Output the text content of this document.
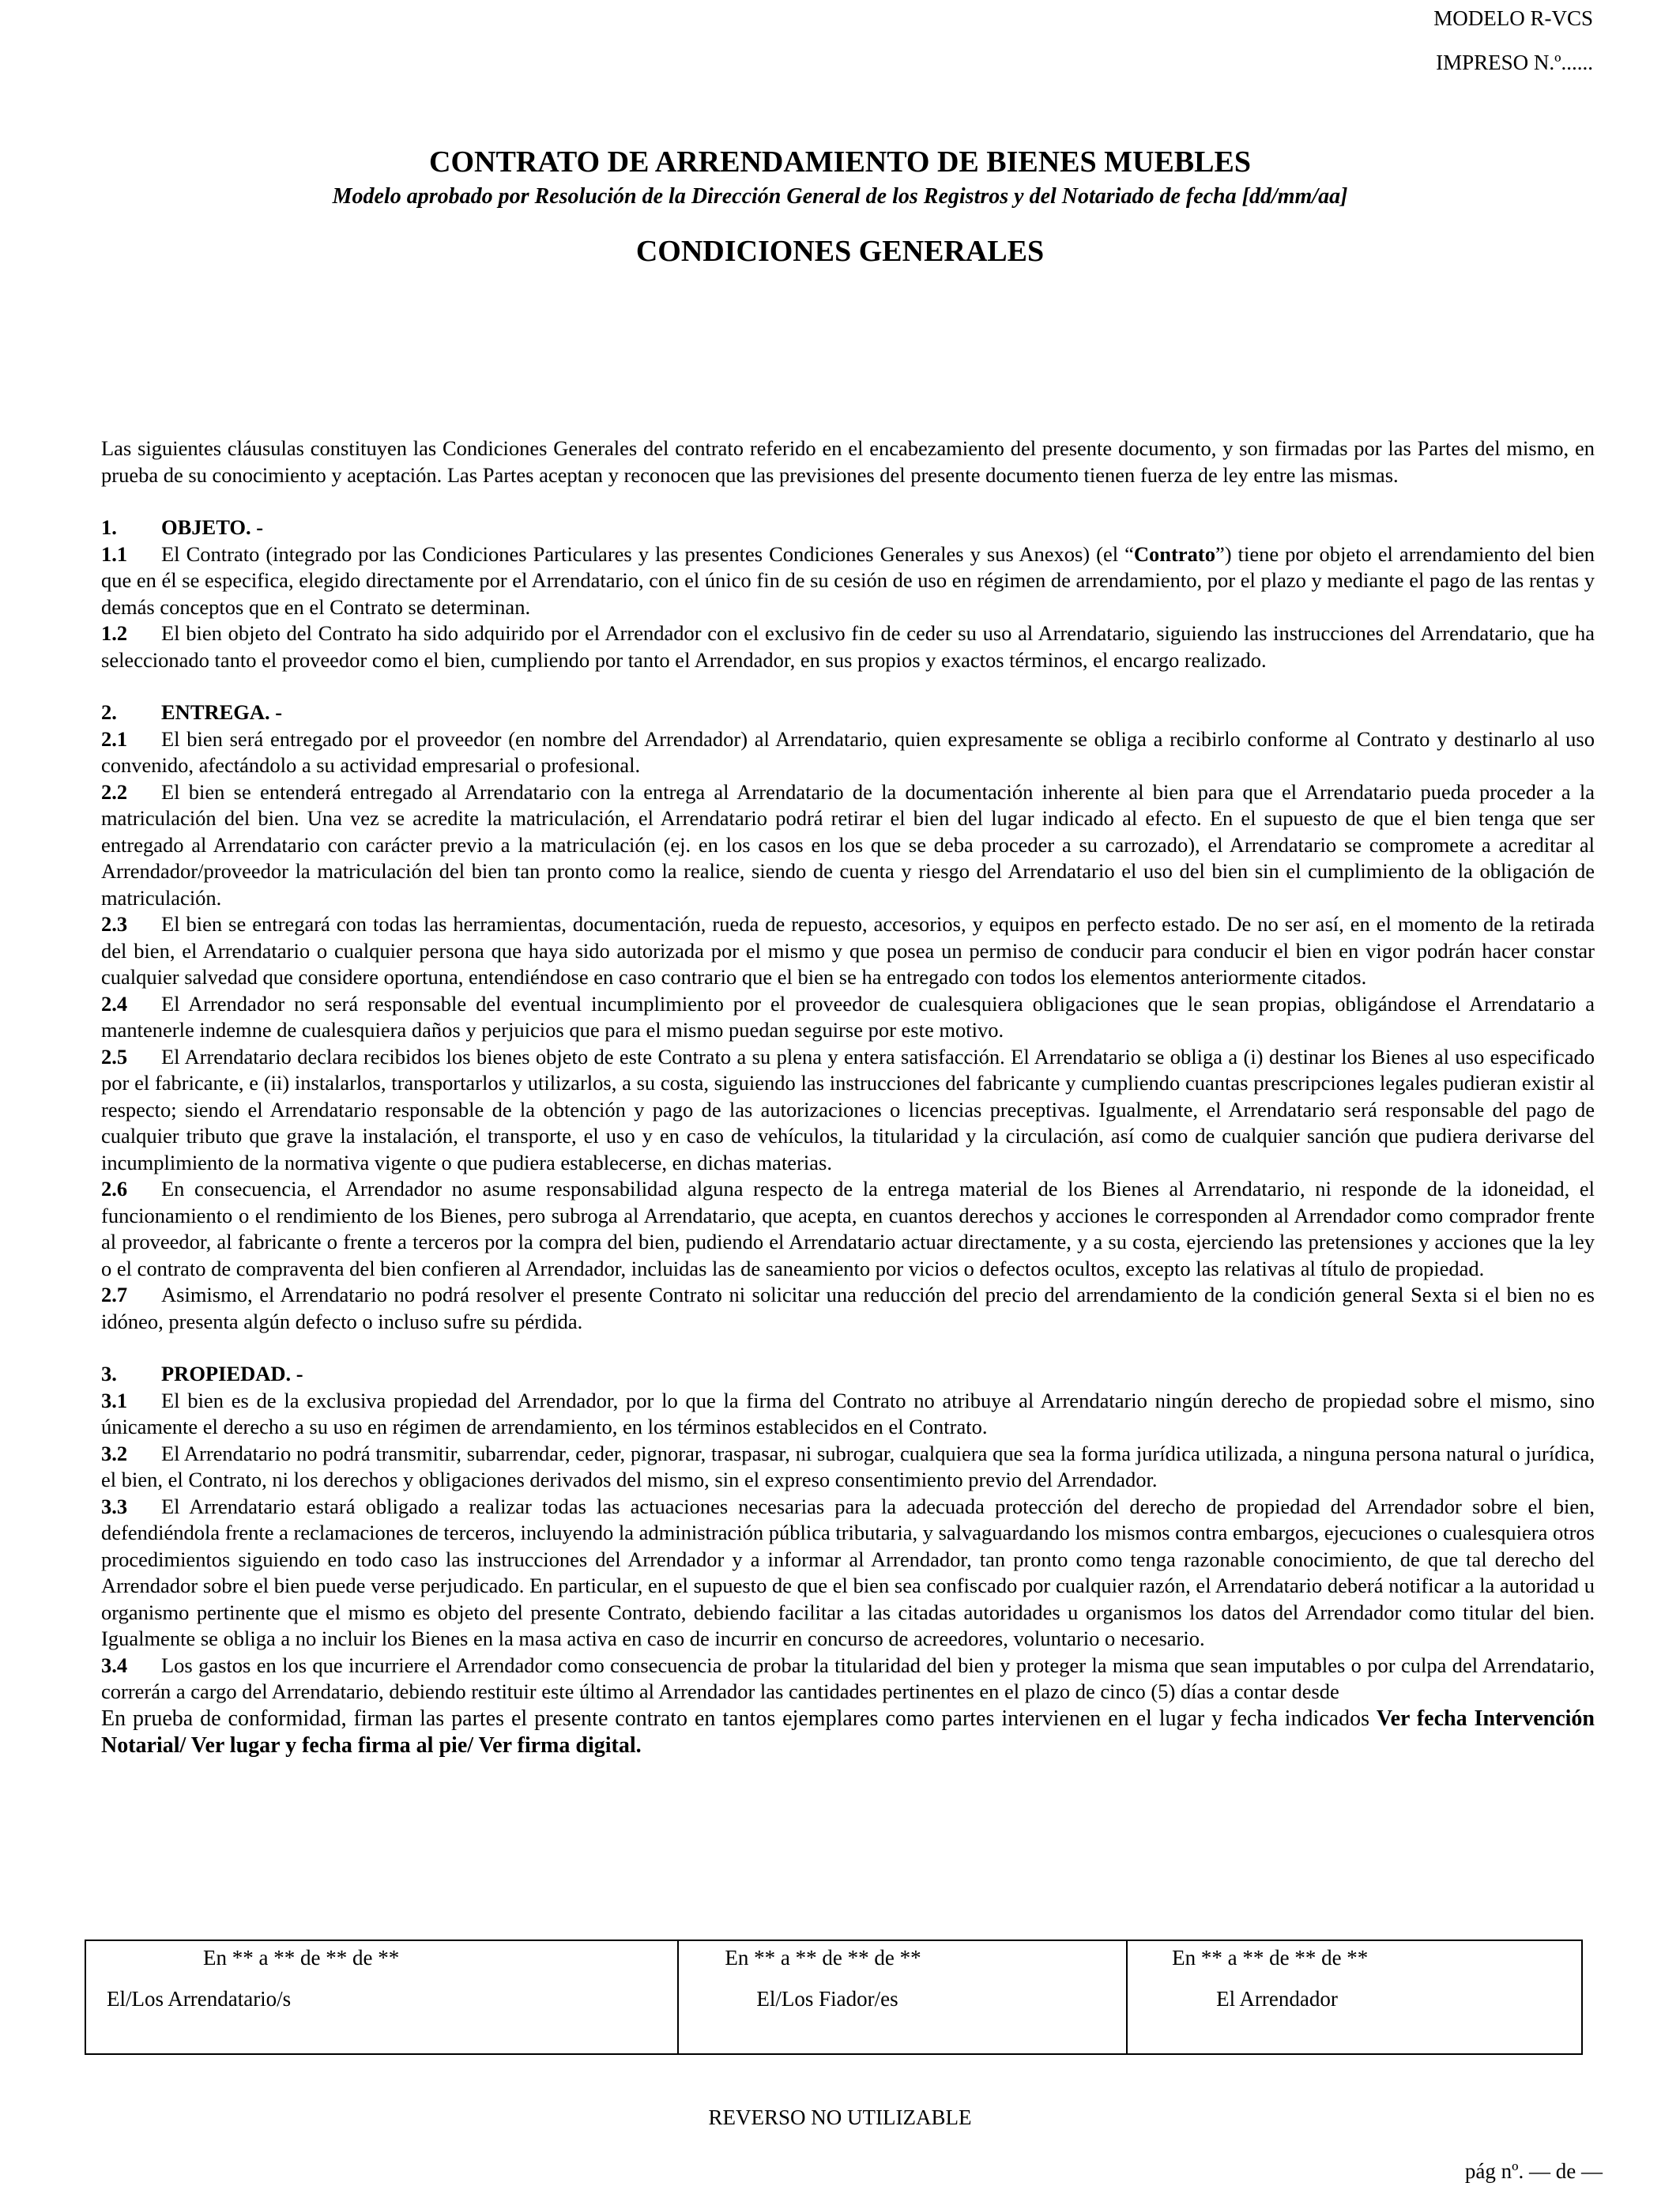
MODELO R-VCS
IMPRESO N.º......
CONTRATO DE ARRENDAMIENTO DE BIENES MUEBLES
Modelo aprobado por Resolución de la Dirección General de los Registros y del Notariado de fecha [dd/mm/aa]
CONDICIONES GENERALES

Las siguientes cláusulas constituyen las Condiciones Generales del contrato referido en el encabezamiento del presente documento, y son firmadas por las Partes del mismo, en prueba de su conocimiento y aceptación. Las Partes aceptan y reconocen que las previsiones del presente documento tienen fuerza de ley entre las mismas.

1. OBJETO. -

1.1 El Contrato (integrado por las Condiciones Particulares y las presentes Condiciones Generales y sus Anexos) (el “Contrato”) tiene por objeto el arrendamiento del bien que en él se especifica, elegido directamente por el Arrendatario, con el único fin de su cesión de uso en régimen de arrendamiento, por el plazo y mediante el pago de las rentas y demás conceptos que en el Contrato se determinan.

1.2 El bien objeto del Contrato ha sido adquirido por el Arrendador con el exclusivo fin de ceder su uso al Arrendatario, siguiendo las instrucciones del Arrendatario, que ha seleccionado tanto el proveedor como el bien, cumpliendo por tanto el Arrendador, en sus propios y exactos términos, el encargo realizado.

2. ENTREGA. -

2.1 El bien será entregado por el proveedor (en nombre del Arrendador) al Arrendatario, quien expresamente se obliga a recibirlo conforme al Contrato y destinarlo al uso convenido, afectándolo a su actividad empresarial o profesional.

2.2 El bien se entenderá entregado al Arrendatario con la entrega al Arrendatario de la documentación inherente al bien para que el Arrendatario pueda proceder a la matriculación del bien. Una vez se acredite la matriculación, el Arrendatario podrá retirar el bien del lugar indicado al efecto. En el supuesto de que el bien tenga que ser entregado al Arrendatario con carácter previo a la matriculación (ej. en los casos en los que se deba proceder a su carrozado), el Arrendatario se compromete a acreditar al Arrendador/proveedor la matriculación del bien tan pronto como la realice, siendo de cuenta y riesgo del Arrendatario el uso del bien sin el cumplimiento de la obligación de matriculación.

2.3 El bien se entregará con todas las herramientas, documentación, rueda de repuesto, accesorios, y equipos en perfecto estado. De no ser así, en el momento de la retirada del bien, el Arrendatario o cualquier persona que haya sido autorizada por el mismo y que posea un permiso de conducir para conducir el bien en vigor podrán hacer constar cualquier salvedad que considere oportuna, entendiéndose en caso contrario que el bien se ha entregado con todos los elementos anteriormente citados.

2.4 El Arrendador no será responsable del eventual incumplimiento por el proveedor de cualesquiera obligaciones que le sean propias, obligándose el Arrendatario a mantenerle indemne de cualesquiera daños y perjuicios que para el mismo puedan seguirse por este motivo.

2.5 El Arrendatario declara recibidos los bienes objeto de este Contrato a su plena y entera satisfacción. El Arrendatario se obliga a (i) destinar los Bienes al uso especificado por el fabricante, e (ii) instalarlos, transportarlos y utilizarlos, a su costa, siguiendo las instrucciones del fabricante y cumpliendo cuantas prescripciones legales pudieran existir al respecto; siendo el Arrendatario responsable de la obtención y pago de las autorizaciones o licencias preceptivas. Igualmente, el Arrendatario será responsable del pago de cualquier tributo que grave la instalación, el transporte, el uso y en caso de vehículos, la titularidad y la circulación, así como de cualquier sanción que pudiera derivarse del incumplimiento de la normativa vigente o que pudiera establecerse, en dichas materias.

2.6 En consecuencia, el Arrendador no asume responsabilidad alguna respecto de la entrega material de los Bienes al Arrendatario, ni responde de la idoneidad, el funcionamiento o el rendimiento de los Bienes, pero subroga al Arrendatario, que acepta, en cuantos derechos y acciones le corresponden al Arrendador como comprador frente al proveedor, al fabricante o frente a terceros por la compra del bien, pudiendo el Arrendatario actuar directamente, y a su costa, ejerciendo las pretensiones y acciones que la ley o el contrato de compraventa del bien confieren al Arrendador, incluidas las de saneamiento por vicios o defectos ocultos, excepto las relativas al título de propiedad.

2.7 Asimismo, el Arrendatario no podrá resolver el presente Contrato ni solicitar una reducción del precio del arrendamiento de la condición general Sexta si el bien no es idóneo, presenta algún defecto o incluso sufre su pérdida.

3. PROPIEDAD. -

3.1 El bien es de la exclusiva propiedad del Arrendador, por lo que la firma del Contrato no atribuye al Arrendatario ningún derecho de propiedad sobre el mismo, sino únicamente el derecho a su uso en régimen de arrendamiento, en los términos establecidos en el Contrato.

3.2 El Arrendatario no podrá transmitir, subarrendar, ceder, pignorar, traspasar, ni subrogar, cualquiera que sea la forma jurídica utilizada, a ninguna persona natural o jurídica, el bien, el Contrato, ni los derechos y obligaciones derivados del mismo, sin el expreso consentimiento previo del Arrendador.

3.3 El Arrendatario estará obligado a realizar todas las actuaciones necesarias para la adecuada protección del derecho de propiedad del Arrendador sobre el bien, defendiéndola frente a reclamaciones de terceros, incluyendo la administración pública tributaria, y salvaguardando los mismos contra embargos, ejecuciones o cualesquiera otros procedimientos siguiendo en todo caso las instrucciones del Arrendador y a informar al Arrendador, tan pronto como tenga razonable conocimiento, de que tal derecho del Arrendador sobre el bien puede verse perjudicado. En particular, en el supuesto de que el bien sea confiscado por cualquier razón, el Arrendatario deberá notificar a la autoridad u organismo pertinente que el mismo es objeto del presente Contrato, debiendo facilitar a las citadas autoridades u organismos los datos del Arrendador como titular del bien. Igualmente se obliga a no incluir los Bienes en la masa activa en caso de incurrir en concurso de acreedores, voluntario o necesario.

3.4 Los gastos en los que incurriere el Arrendador como consecuencia de probar la titularidad del bien y proteger la misma que sean imputables o por culpa del Arrendatario, correrán a cargo del Arrendatario, debiendo restituir este último al Arrendador las cantidades pertinentes en el plazo de cinco (5) días a contar desde

En prueba de conformidad, firman las partes el presente contrato en tantos ejemplares como partes intervienen en el lugar y fecha indicados Ver fecha Intervención Notarial/ Ver lugar y fecha firma al pie/ Ver firma digital.

En ** a ** de ** de **	En ** a ** de ** de **	En ** a ** de ** de **

El/Los Arrendatario/s	El/Los Fiador/es	El Arrendador
REVERSO NO UTILIZABLE
pág nº. — de —
